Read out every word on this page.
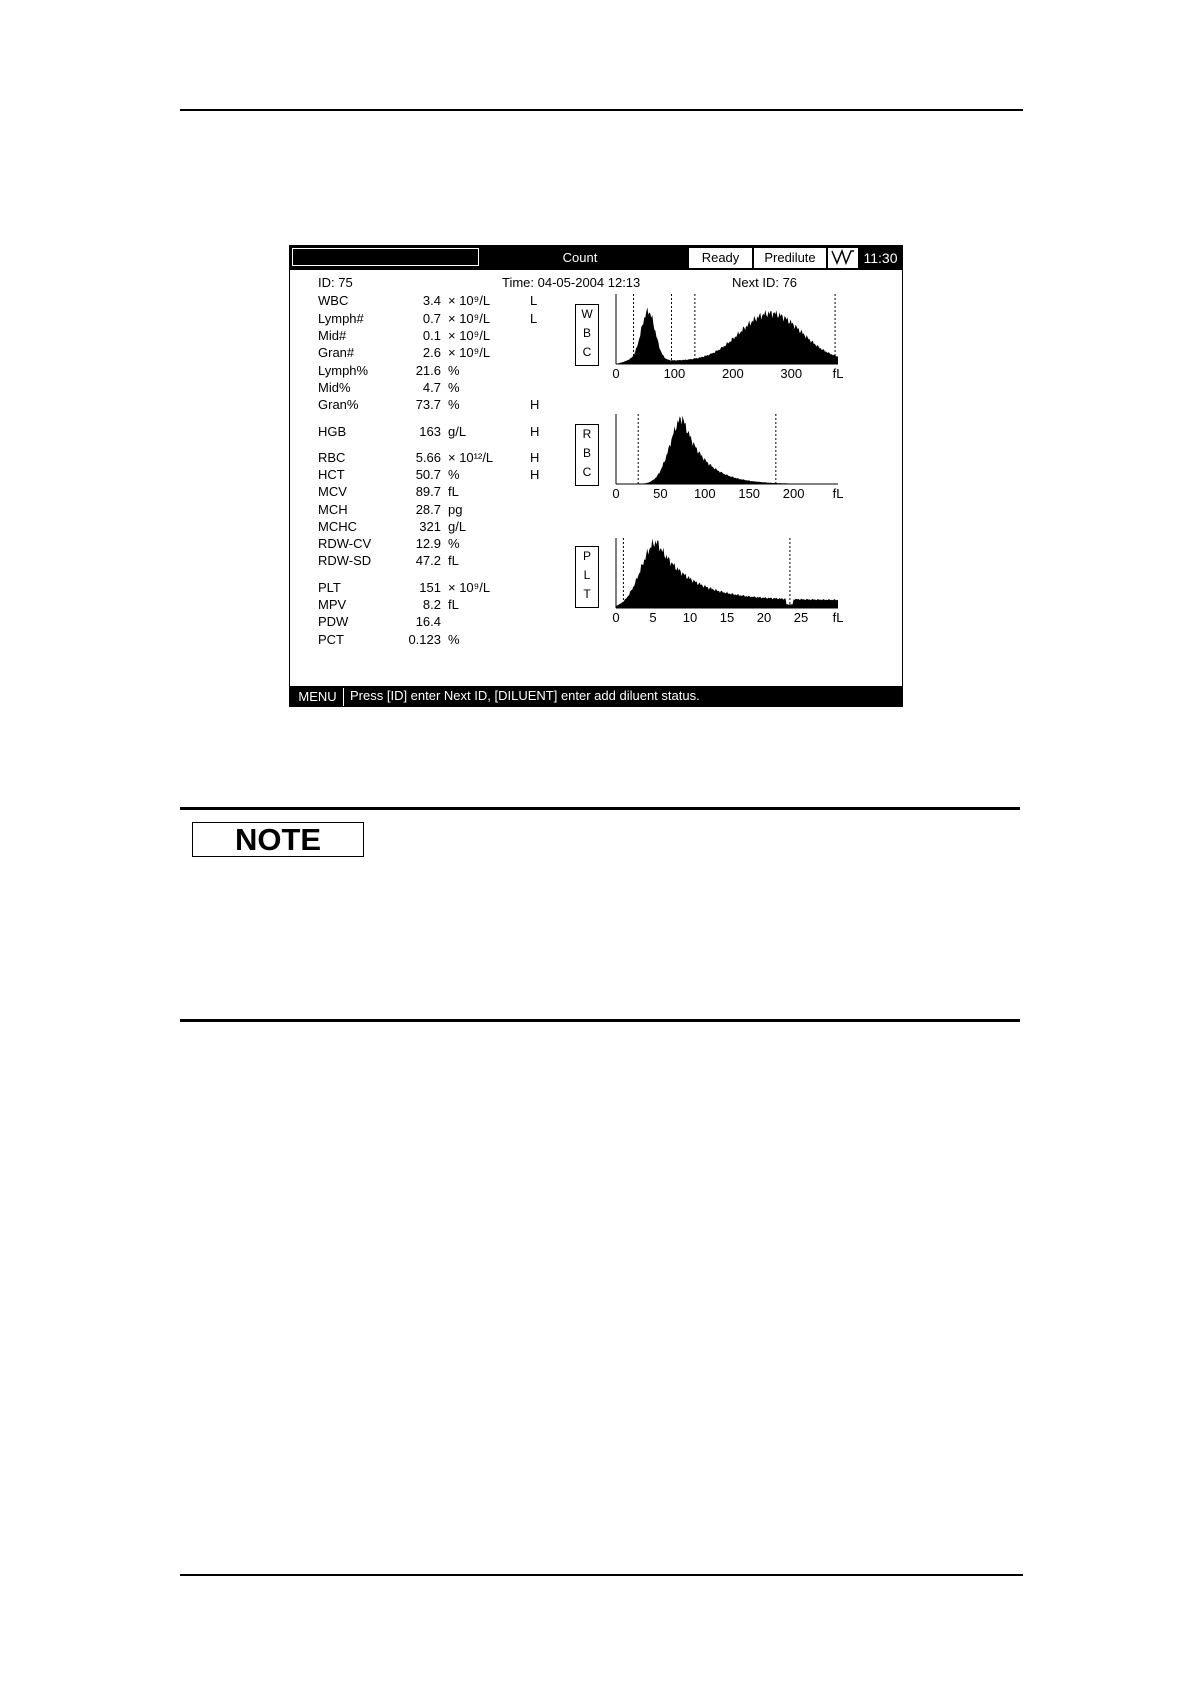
Count	Ready	Predilute	11:30
ID: 75	Time: 04-05-2004 12:13	Next ID: 76
WBC	3.4 × 10⁹/L	L
Lymph#	0.7 × 10⁹/L	L
Mid#	0.1 × 10⁹/L
Gran#	2.6 × 10⁹/L
Lymph%	21.6 %
Mid%	4.7 %
Gran%	73.7 %	H
HGB	163 g/L	H
RBC	5.66 × 10¹²/L	H
HCT	50.7 %	H
MCV	89.7 fL
MCH	28.7 pg
MCHC	321 g/L
RDW-CV	12.9 %
RDW-SD	47.2 fL
PLT	151 × 10⁹/L
MPV	8.2 fL
PDW	16.4
PCT	0.123 %
W
B
C
0	100	200	300 fL
R
B
C
0	50 100 150 200 fL
P
L
T
0 5 10 15 20 25 fL
MENU	Press [ID] enter Next ID, [DILUENT] enter add diluent status.
NOTE
